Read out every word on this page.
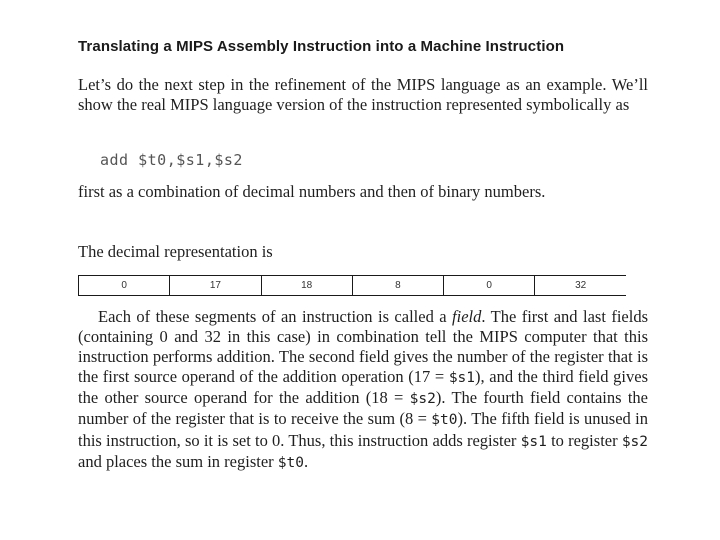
Translating a MIPS Assembly Instruction into a Machine Instruction

Let’s do the next step in the refinement of the MIPS language as an example. We’ll show the real MIPS language version of the instruction represented symbolically as

add $t0,$s1,$s2

first as a combination of decimal numbers and then of binary numbers.

The decimal representation is

0	17	18	8	0	32

Each of these segments of an instruction is called a field. The first and last fields (containing 0 and 32 in this case) in combination tell the MIPS computer that this instruction performs addition. The second field gives the number of the register that is the first source operand of the addition operation (17 = $s1), and the third field gives the other source operand for the addition (18 = $s2). The fourth field contains the number of the register that is to receive the sum (8 = $t0). The fifth field is unused in this instruction, so it is set to 0. Thus, this instruction adds register $s1 to register $s2 and places the sum in register $t0.
